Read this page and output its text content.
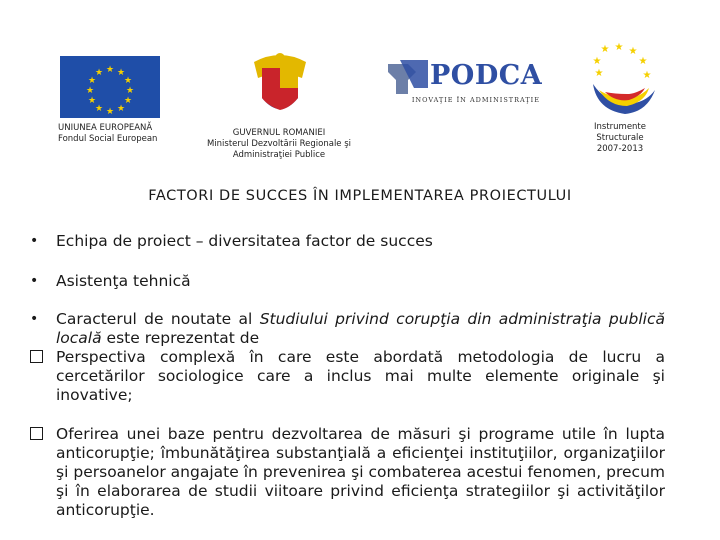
★ ★
★
★
★
★
★
★
★
★
★
★
UNIUNEA EUROPEANĂ
Fondul Social European
GUVERNUL ROMANIEI
Ministerul Dezvoltării Regionale şi
Administraţiei Publice
PODCA
INOVAŢIE ÎN ADMINISTRAŢIE
★
★
★ ★ ★
★
★
Instrumente
Structurale
2007-2013
FACTORI DE SUCCES ÎN IMPLEMENTAREA PROIECTULUI
•	Echipa de proiect – diversitatea factor de succes
•	Asistenţa tehnică
•	Caracterul de noutate al Studiului privind corupţia din administraţia publică locală este reprezentat de
Perspectiva complexă în care este abordată metodologia de lucru a cercetărilor sociologice care a inclus mai multe elemente originale şi inovative;
Oferirea unei baze pentru dezvoltarea de măsuri şi programe utile în lupta anticorupţie; îmbunătăţirea substanţială a eficienţei instituţiilor, organizaţiilor şi persoanelor angajate în prevenirea şi combaterea acestui fenomen, precum şi în elaborarea de studii viitoare privind eficienţa strategiilor şi activităţilor anticorupţie.
